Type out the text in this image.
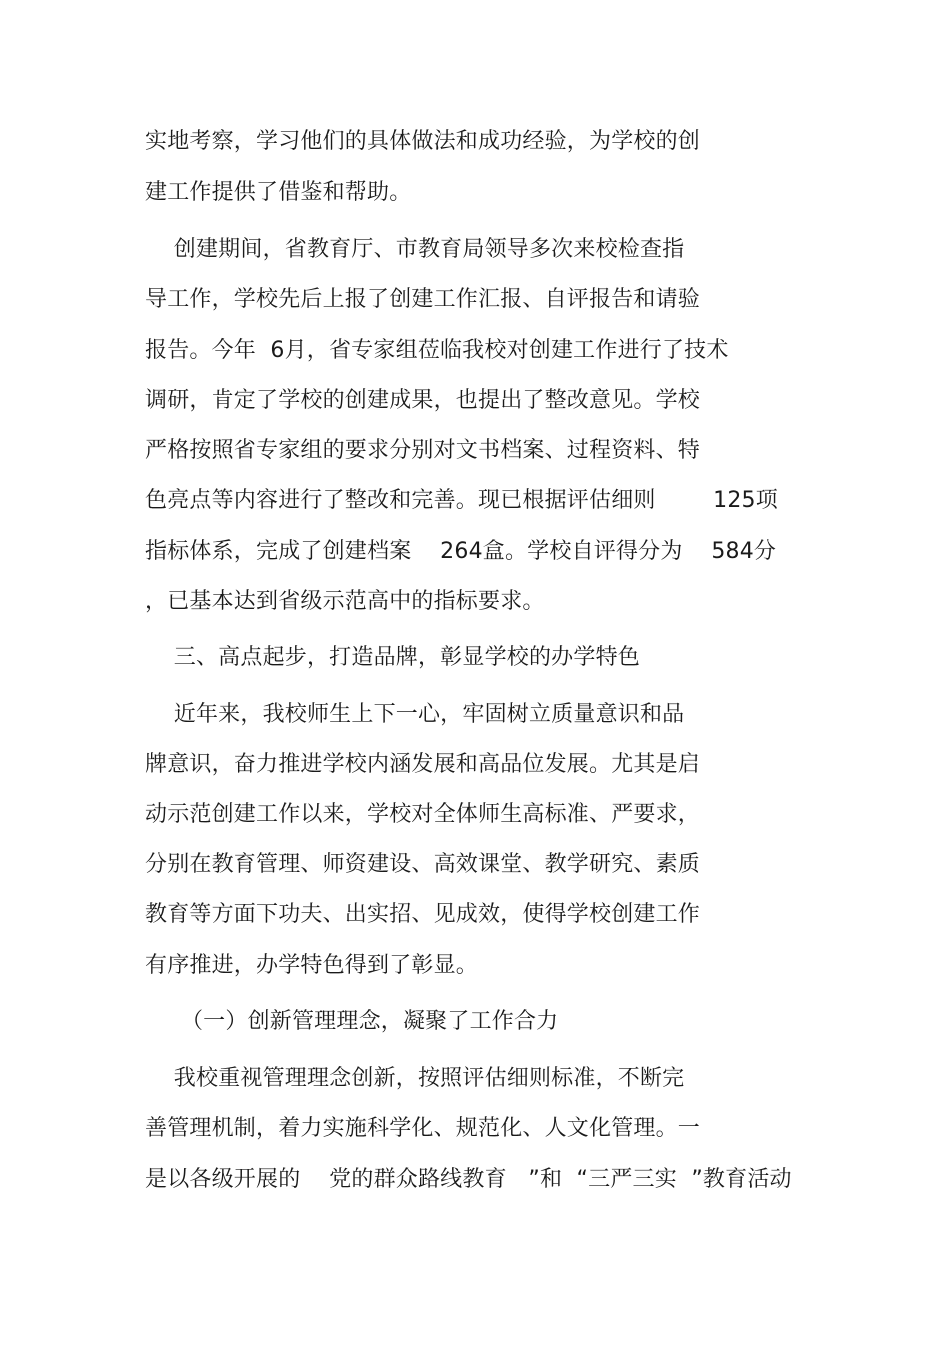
实地考察，学习他们的具体做法和成功经验，为学校的创
建工作提供了借鉴和帮助。
创建期间，省教育厅、市教育局领导多次来校检查指
导工作，学校先后上报了创建工作汇报、自评报告和请验
报告。今年  6月，省专家组莅临我校对创建工作进行了技术
调研，肯定了学校的创建成果，也提出了整改意见。学校
严格按照省专家组的要求分别对文书档案、过程资料、特
色亮点等内容进行了整改和完善。现已根据评估细则        125项
指标体系，完成了创建档案    264盒。学校自评得分为    584分
，已基本达到省级示范高中的指标要求。
三、高点起步，打造品牌，彰显学校的办学特色
近年来，我校师生上下一心，牢固树立质量意识和品
牌意识，奋力推进学校内涵发展和高品位发展。尤其是启
动示范创建工作以来，学校对全体师生高标准、严要求，
分别在教育管理、师资建设、高效课堂、教学研究、素质
教育等方面下功夫、出实招、见成效，使得学校创建工作
有序推进，办学特色得到了彰显。
（一）创新管理理念，凝聚了工作合力
我校重视管理理念创新，按照评估细则标准，不断完
善管理机制，着力实施科学化、规范化、人文化管理。一
是以各级开展的    党的群众路线教育   ”和  “三严三实  ”教育活动
